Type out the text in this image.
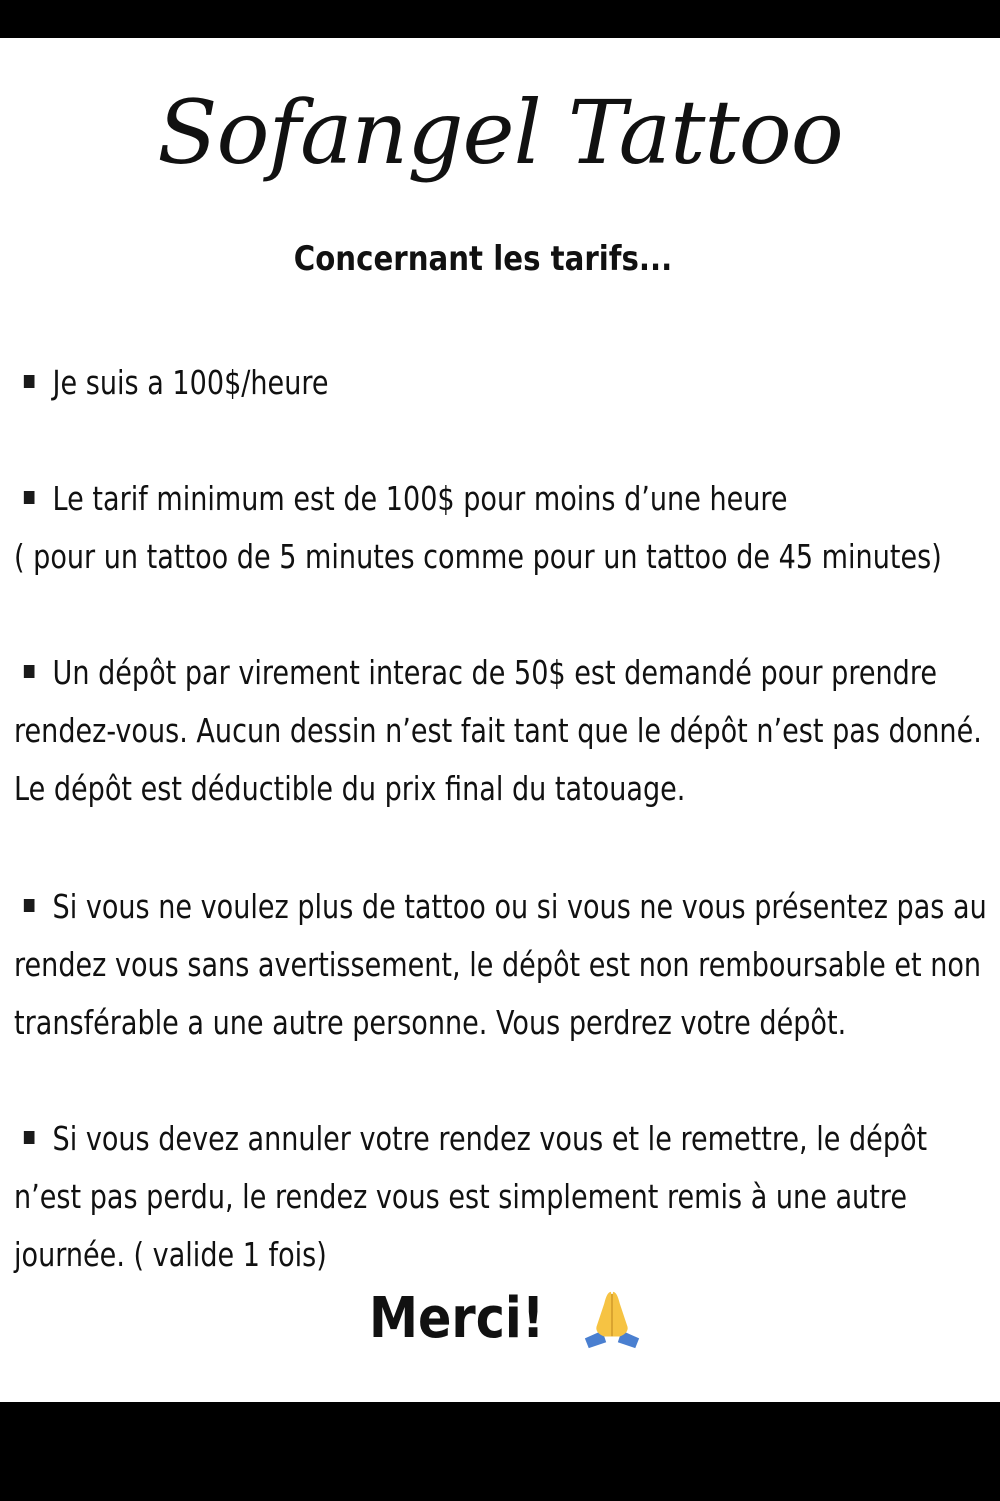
Sofangel Tattoo
Concernant les tarifs...
Je suis a 100$/heure
Le tarif minimum est de 100$ pour moins d’une heure
( pour un tattoo de 5 minutes comme pour un tattoo de 45 minutes)
Un dépôt par virement interac de 50$ est demandé pour prendre
rendez-vous. Aucun dessin n’est fait tant que le dépôt n’est pas donné.
Le dépôt est déductible du prix final du tatouage.
Si vous ne voulez plus de tattoo ou si vous ne vous présentez pas au
rendez vous sans avertissement, le dépôt est non remboursable et non
transférable a une autre personne. Vous perdrez votre dépôt.
Si vous devez annuler votre rendez vous et le remettre, le dépôt
n’est pas perdu, le rendez vous est simplement remis à une autre
journée. ( valide 1 fois)
Merci!
